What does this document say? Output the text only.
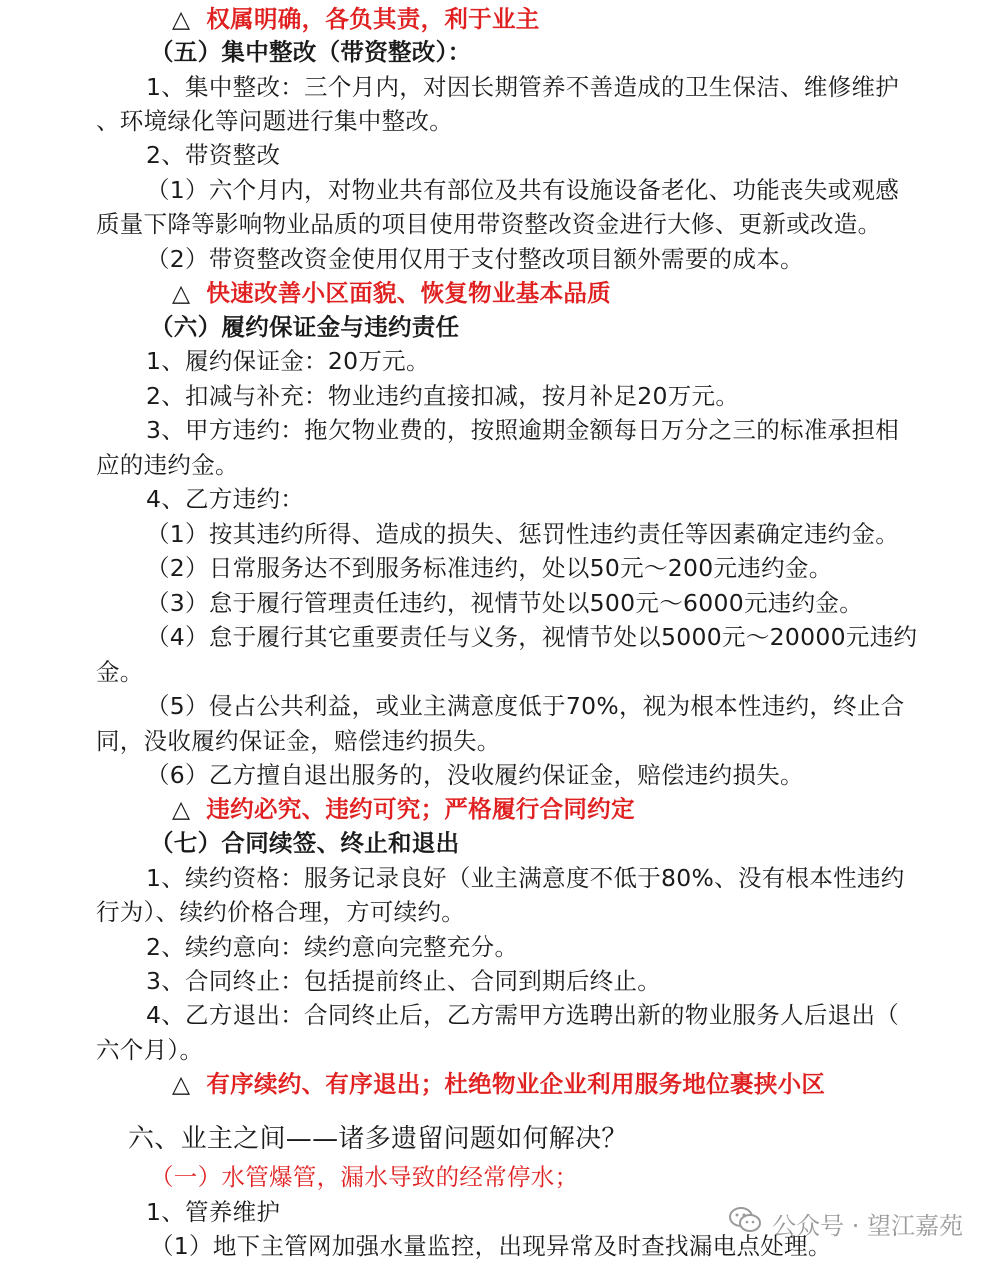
△ 权属明确，各负其责，利于业主
（五）集中整改（带资整改）：
1、集中整改：三个月内，对因长期管养不善造成的卫生保洁、维修维护
、环境绿化等问题进行集中整改。
2、带资整改
（1）六个月内，对物业共有部位及共有设施设备老化、功能丧失或观感
质量下降等影响物业品质的项目使用带资整改资金进行大修、更新或改造。
（2）带资整改资金使用仅用于支付整改项目额外需要的成本。
△ 快速改善小区面貌、恢复物业基本品质
（六）履约保证金与违约责任
1、履约保证金：20万元。
2、扣减与补充：物业违约直接扣减，按月补足20万元。
3、甲方违约：拖欠物业费的，按照逾期金额每日万分之三的标准承担相
应的违约金。
4、乙方违约：
（1）按其违约所得、造成的损失、惩罚性违约责任等因素确定违约金。
（2）日常服务达不到服务标准违约，处以50元～200元违约金。
（3）怠于履行管理责任违约，视情节处以500元～6000元违约金。
（4）怠于履行其它重要责任与义务，视情节处以5000元～20000元违约
金。
（5）侵占公共利益，或业主满意度低于70%，视为根本性违约，终止合
同，没收履约保证金，赔偿违约损失。
（6）乙方擅自退出服务的，没收履约保证金，赔偿违约损失。
△ 违约必究、违约可究；严格履行合同约定
（七）合同续签、终止和退出
1、续约资格：服务记录良好（业主满意度不低于80%、没有根本性违约
行为）、续约价格合理，方可续约。
2、续约意向：续约意向完整充分。
3、合同终止：包括提前终止、合同到期后终止。
4、乙方退出：合同终止后，乙方需甲方选聘出新的物业服务人后退出（
六个月）。
△ 有序续约、有序退出；杜绝物业企业利用服务地位裹挟小区
六、业主之间——诸多遗留问题如何解决？
（一）水管爆管，漏水导致的经常停水；
1、管养维护
（1）地下主管网加强水量监控，出现异常及时查找漏电点处理。
公众号 · 望江嘉苑
